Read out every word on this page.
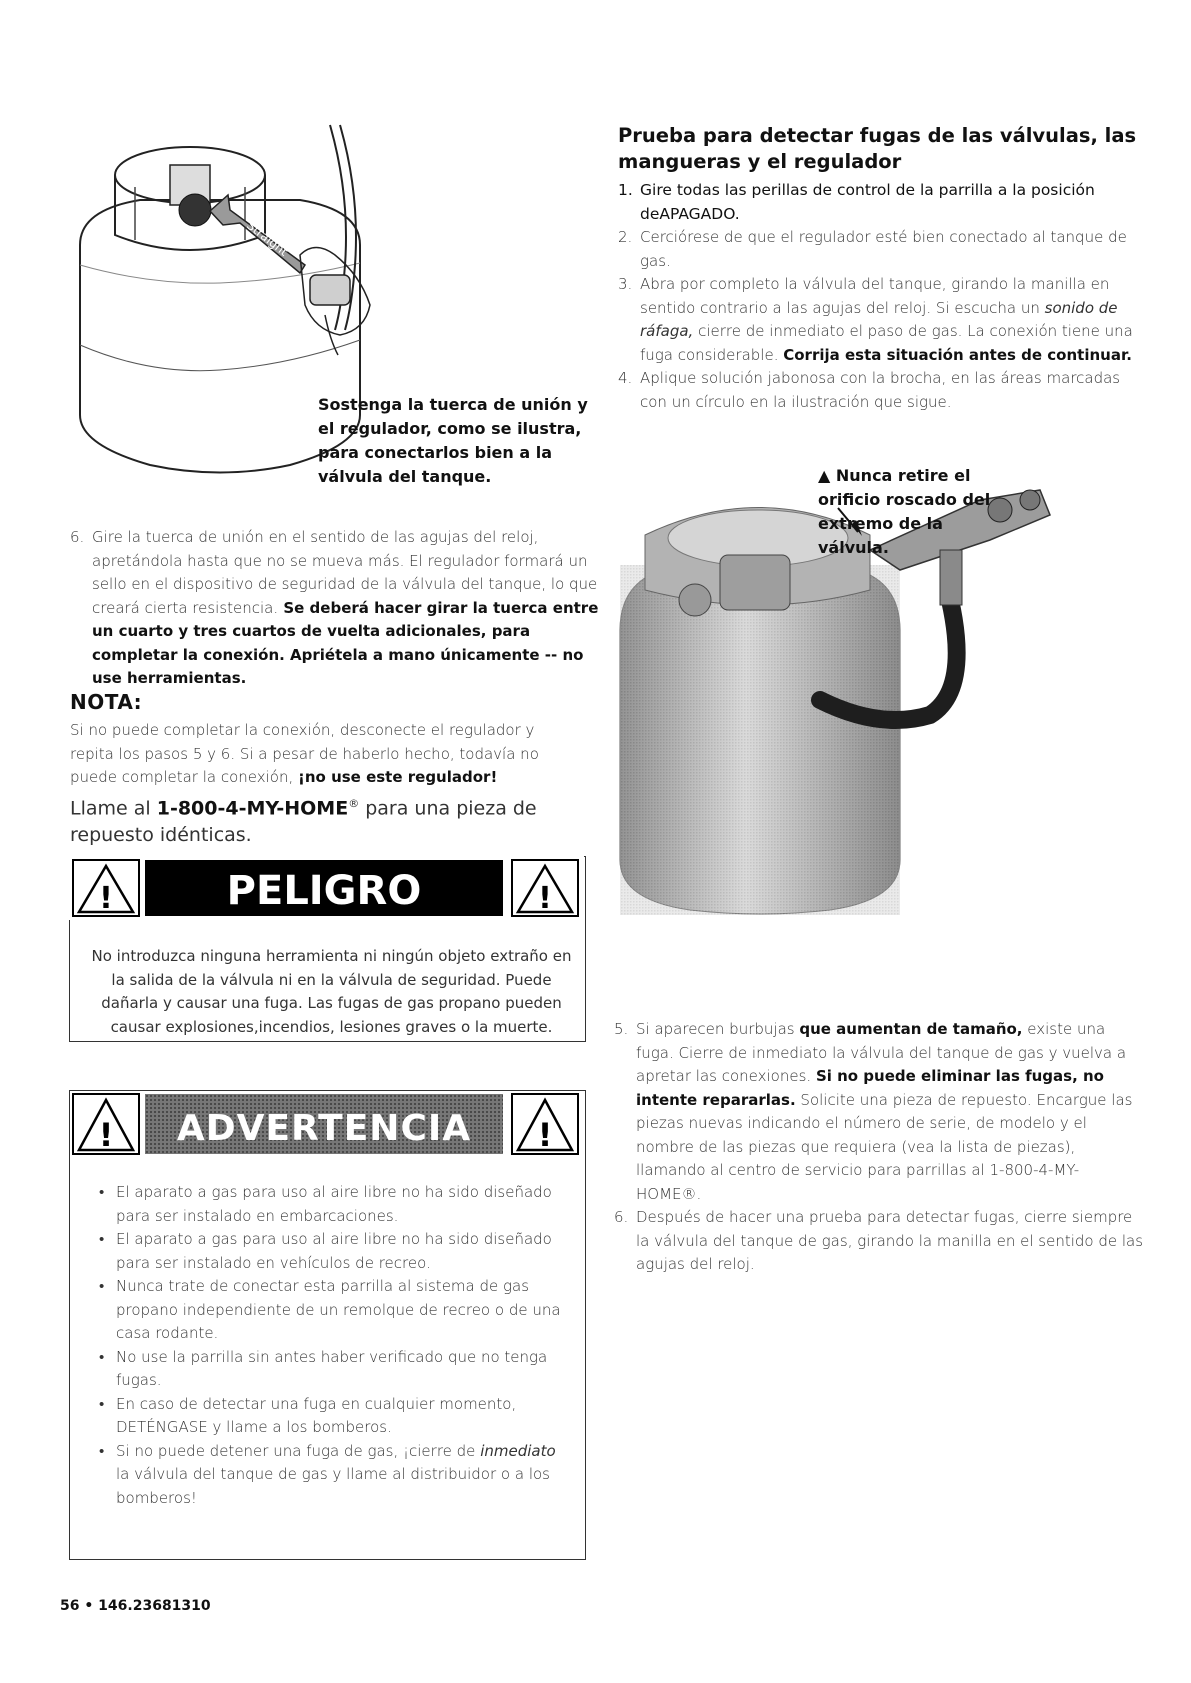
Straight

Sostenga la tuerca de unión y el regulador, como se ilustra, para conectarlos bien a la válvula del tanque.

6. Gire la tuerca de unión en el sentido de las agujas del reloj, apretándola hasta que no se mueva más. El regulador formará un sello en el dispositivo de seguridad de la válvula del tanque, lo que creará cierta resistencia. Se deberá hacer girar la tuerca entre un cuarto y tres cuartos de vuelta adicionales, para completar la conexión. Apriétela a mano únicamente -- no use herramientas.
NOTA:

Si no puede completar la conexión, desconecte el regulador y repita los pasos 5 y 6. Si a pesar de haberlo hecho, todavía no puede completar la conexión, ¡no use este regulador!

Llame al 1-800-4-MY-HOME® para una pieza de repuesto idénticas.

!	!
PELIGRO

No introduzca ninguna herramienta ni ningún objeto extraño en la salida de la válvula ni en la válvula de seguridad. Puede dañarla y causar una fuga. Las fugas de gas propano pueden causar explosiones,incendios, lesiones graves o la muerte.

!	!
ADVERTENCIA
• El aparato a gas para uso al aire libre no ha sido diseñado para ser instalado en embarcaciones.
• El aparato a gas para uso al aire libre no ha sido diseñado para ser instalado en vehículos de recreo.
• Nunca trate de conectar esta parrilla al sistema de gas propano independiente de un remolque de recreo o de una casa rodante.
• No use la parrilla sin antes haber verificado que no tenga fugas.
• En caso de detectar una fuga en cualquier momento, DETÉNGASE y llame a los bomberos.
• Si no puede detener una fuga de gas, ¡cierre de inmediato la válvula del tanque de gas y llame al distribuidor o a los bomberos!
56 • 146.23681310
Prueba para detectar fugas de las válvulas, las mangueras y el regulador
1. Gire todas las perillas de control de la parrilla a la posición deAPAGADO.
2. Cerciórese de que el regulador esté bien conectado al tanque de gas.
3. Abra por completo la válvula del tanque, girando la manilla en sentido contrario a las agujas del reloj. Si escucha un sonido de ráfaga, cierre de inmediato el paso de gas. La conexión tiene una fuga considerable. Corrija esta situación antes de continuar.
4. Aplique solución jabonosa con la brocha, en las áreas marcadas con un círculo en la ilustración que sigue.

▲ Nunca retire el orificio roscado del extremo de la válvula.

5. Si aparecen burbujas que aumentan de tamaño, existe una fuga. Cierre de inmediato la válvula del tanque de gas y vuelva a apretar las conexiones. Si no puede eliminar las fugas, no intente repararlas. Solicite una pieza de repuesto. Encargue las piezas nuevas indicando el número de serie, de modelo y el nombre de las piezas que requiera (vea la lista de piezas), llamando al centro de servicio para parrillas al 1-800-4-MY-HOME®.
6. Después de hacer una prueba para detectar fugas, cierre siempre la válvula del tanque de gas, girando la manilla en el sentido de las agujas del reloj.
